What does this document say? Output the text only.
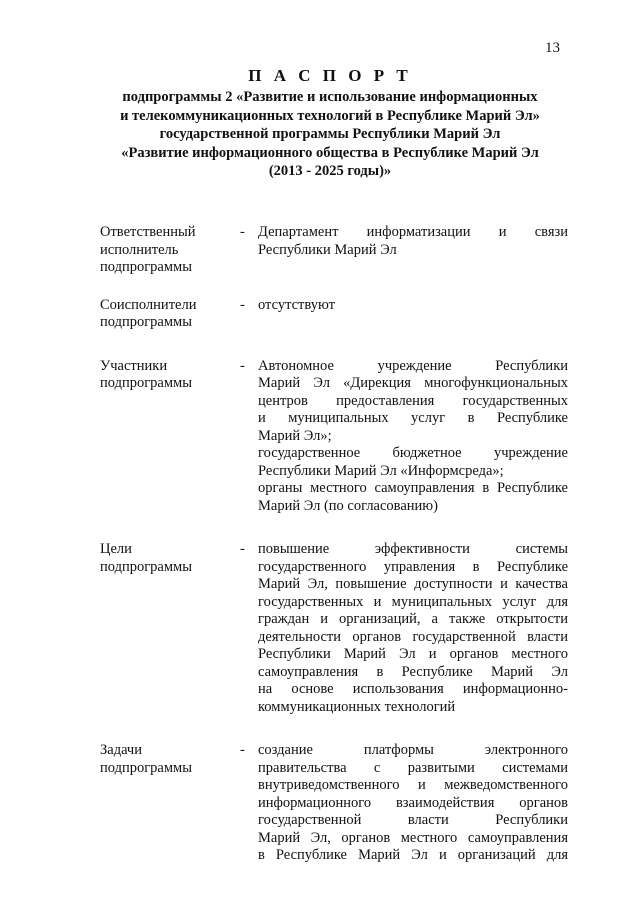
13
П А С П О Р Т
подпрограммы 2 «Развитие и использование информационных
и телекоммуникационных технологий в Республике Марий Эл»
государственной программы Республики Марий Эл
«Развитие информационного общества в Республике Марий Эл
(2013 - 2025 годы)»
Ответственный
исполнитель
подпрограммы
- Департамент информатизации и связи
Республики Марий Эл
Соисполнители
подпрограммы
- отсутствуют
Участники
подпрограммы
- Автономное учреждение Республики
Марий Эл «Дирекция многофункциональных
центров предоставления государственных
и муниципальных услуг в Республике
Марий Эл»;
государственное бюджетное учреждение
Республики Марий Эл «Информсреда»;
органы местного самоуправления в Республике
Марий Эл (по согласованию)
Цели
подпрограммы
- повышение эффективности системы
государственного управления в Республике
Марий Эл, повышение доступности и качества
государственных и муниципальных услуг для
граждан и организаций, а также открытости
деятельности органов государственной власти
Республики Марий Эл и органов местного
самоуправления в Республике Марий Эл
на основе использования информационно-
коммуникационных технологий
Задачи
подпрограммы
- создание платформы электронного
правительства с развитыми системами
внутриведомственного и межведомственного
информационного взаимодействия органов
государственной власти Республики
Марий Эл, органов местного самоуправления
в Республике Марий Эл и организаций для
